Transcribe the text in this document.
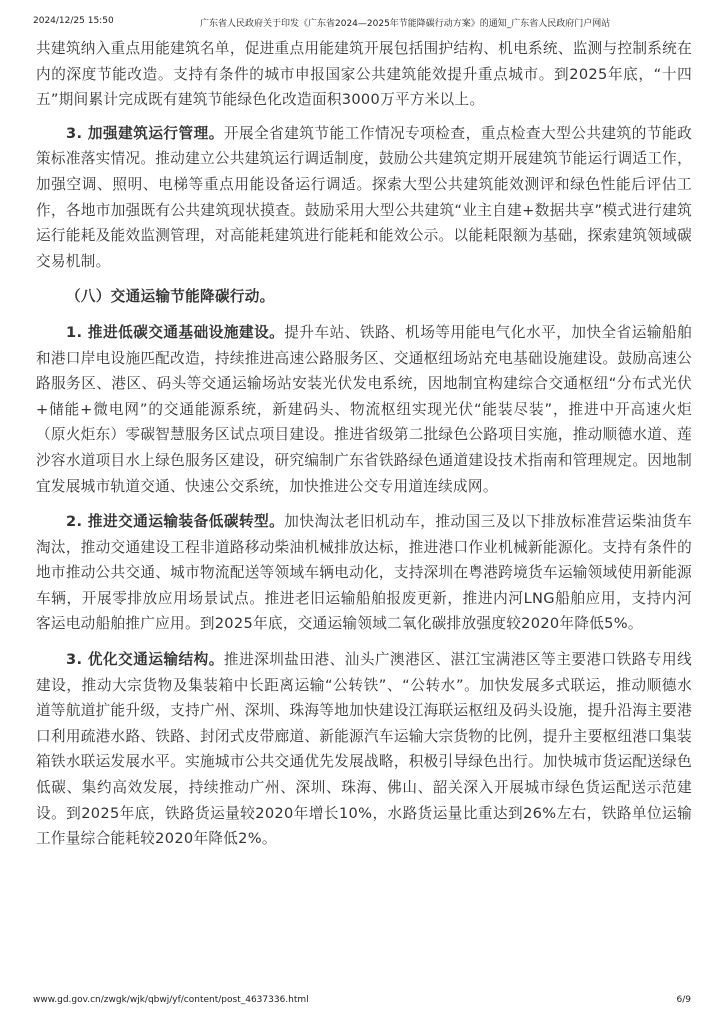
2024/12/25 15:50	广东省人民政府关于印发《广东省2024—2025年节能降碳行动方案》的通知_广东省人民政府门户网站

共建筑纳入重点用能建筑名单，促进重点用能建筑开展包括围护结构、机电系统、监测与控制系统在内的深度节能改造。支持有条件的城市申报国家公共建筑能效提升重点城市。到2025年底，“十四五”期间累计完成既有建筑节能绿色化改造面积3000万平方米以上。

3. 加强建筑运行管理。开展全省建筑节能工作情况专项检查，重点检查大型公共建筑的节能政策标准落实情况。推动建立公共建筑运行调适制度，鼓励公共建筑定期开展建筑节能运行调适工作，加强空调、照明、电梯等重点用能设备运行调适。探索大型公共建筑能效测评和绿色性能后评估工作，各地市加强既有公共建筑现状摸查。鼓励采用大型公共建筑“业主自建+数据共享”模式进行建筑运行能耗及能效监测管理，对高能耗建筑进行能耗和能效公示。以能耗限额为基础，探索建筑领域碳交易机制。

（八）交通运输节能降碳行动。

1. 推进低碳交通基础设施建设。提升车站、铁路、机场等用能电气化水平，加快全省运输船舶和港口岸电设施匹配改造，持续推进高速公路服务区、交通枢纽场站充电基础设施建设。鼓励高速公路服务区、港区、码头等交通运输场站安装光伏发电系统，因地制宜构建综合交通枢纽“分布式光伏+储能+微电网”的交通能源系统，新建码头、物流枢纽实现光伏“能装尽装”，推进中开高速火炬（原火炬东）零碳智慧服务区试点项目建设。推进省级第二批绿色公路项目实施，推动顺德水道、莲沙容水道项目水上绿色服务区建设，研究编制广东省铁路绿色通道建设技术指南和管理规定。因地制宜发展城市轨道交通、快速公交系统，加快推进公交专用道连续成网。

2. 推进交通运输装备低碳转型。加快淘汰老旧机动车，推动国三及以下排放标准营运柴油货车淘汰，推动交通建设工程非道路移动柴油机械排放达标，推进港口作业机械新能源化。支持有条件的地市推动公共交通、城市物流配送等领域车辆电动化，支持深圳在粤港跨境货车运输领域使用新能源车辆，开展零排放应用场景试点。推进老旧运输船舶报废更新，推进内河LNG船舶应用，支持内河客运电动船舶推广应用。到2025年底，交通运输领域二氧化碳排放强度较2020年降低5%。

3. 优化交通运输结构。推进深圳盐田港、汕头广澳港区、湛江宝满港区等主要港口铁路专用线建设，推动大宗货物及集装箱中长距离运输“公转铁”、“公转水”。加快发展多式联运，推动顺德水道等航道扩能升级，支持广州、深圳、珠海等地加快建设江海联运枢纽及码头设施，提升沿海主要港口利用疏港水路、铁路、封闭式皮带廊道、新能源汽车运输大宗货物的比例，提升主要枢纽港口集装箱铁水联运发展水平。实施城市公共交通优先发展战略，积极引导绿色出行。加快城市货运配送绿色低碳、集约高效发展，持续推动广州、深圳、珠海、佛山、韶关深入开展城市绿色货运配送示范建设。到2025年底，铁路货运量较2020年增长10%，水路货运量比重达到26%左右，铁路单位运输工作量综合能耗较2020年降低2%。

www.gd.gov.cn/zwgk/wjk/qbwj/yf/content/post_4637336.html	6/9
